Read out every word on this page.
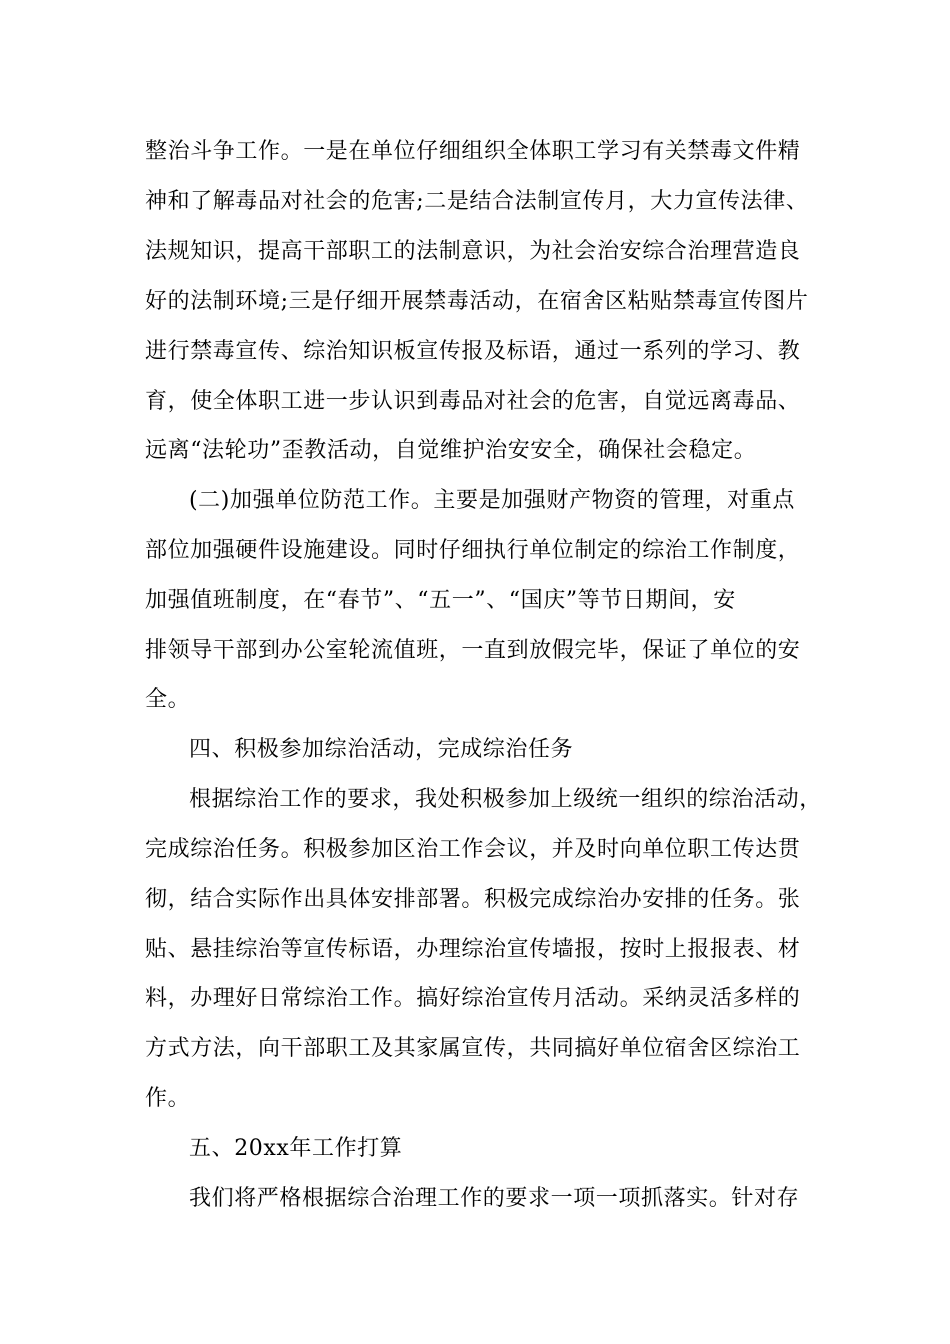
整治斗争工作。一是在单位仔细组织全体职工学习有关禁毒文件精
神和了解毒品对社会的危害;二是结合法制宣传月，大力宣传法律、
法规知识，提高干部职工的法制意识，为社会治安综合治理营造良
好的法制环境;三是仔细开展禁毒活动，在宿舍区粘贴禁毒宣传图片
进行禁毒宣传、综治知识板宣传报及标语，通过一系列的学习、教
育，使全体职工进一步认识到毒品对社会的危害，自觉远离毒品、
远离“法轮功”歪教活动，自觉维护治安安全，确保社会稳定。
(二)加强单位防范工作。主要是加强财产物资的管理，对重点
部位加强硬件设施建设。同时仔细执行单位制定的综治工作制度，
加强值班制度，在“春节”、“五一”、“国庆”等节日期间，安
排领导干部到办公室轮流值班，一直到放假完毕，保证了单位的安
全。
四、积极参加综治活动，完成综治任务
根据综治工作的要求，我处积极参加上级统一组织的综治活动，
完成综治任务。积极参加区治工作会议，并及时向单位职工传达贯
彻，结合实际作出具体安排部署。积极完成综治办安排的任务。张
贴、悬挂综治等宣传标语，办理综治宣传墙报，按时上报报表、材
料，办理好日常综治工作。搞好综治宣传月活动。采纳灵活多样的
方式方法，向干部职工及其家属宣传，共同搞好单位宿舍区综治工
作。
五、20xx年工作打算
我们将严格根据综合治理工作的要求一项一项抓落实。针对存
